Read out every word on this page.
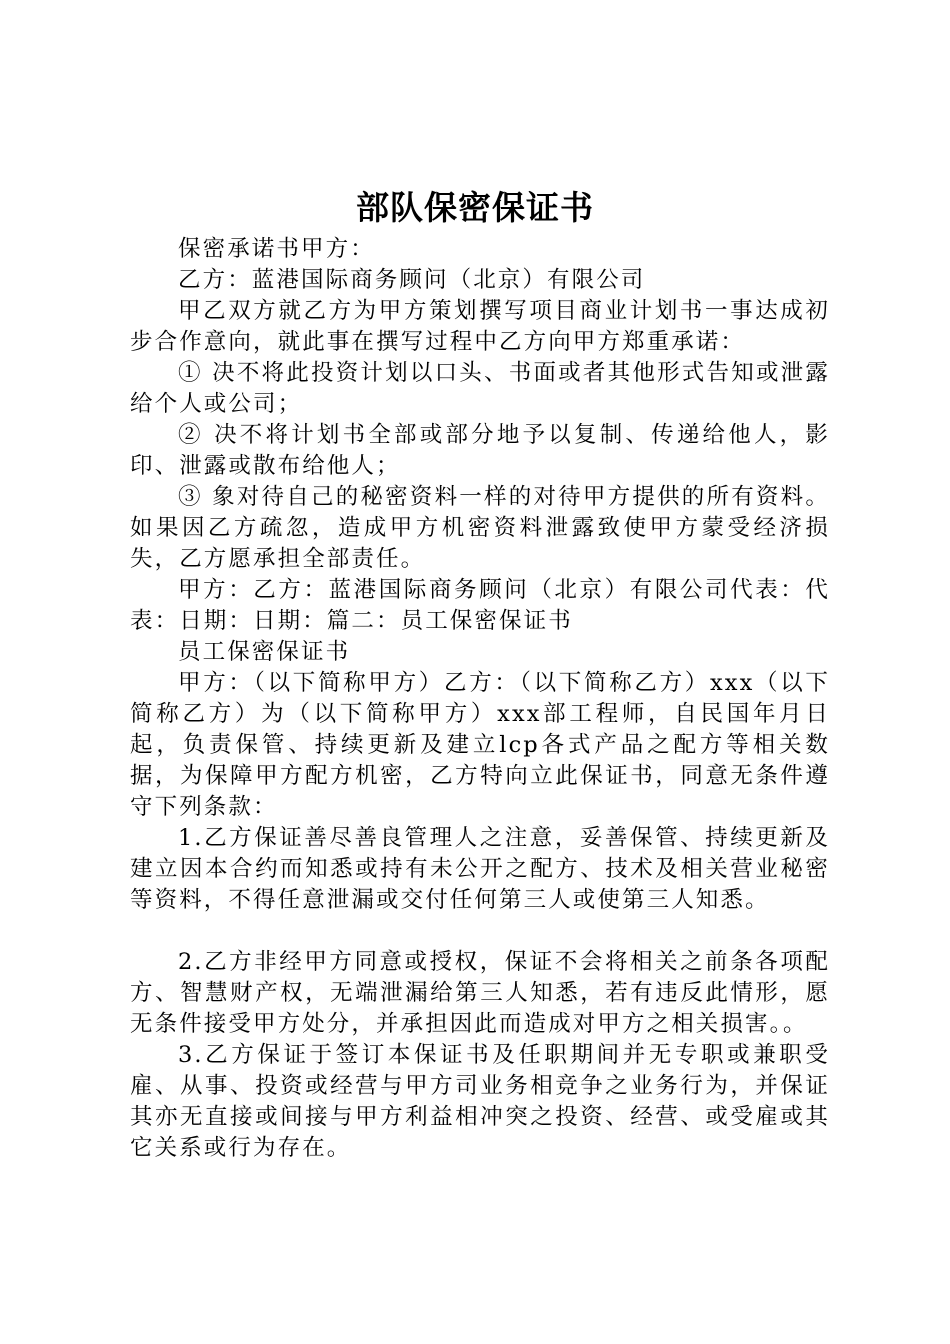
部队保密保证书

保密承诺书甲方：

乙方：蓝港国际商务顾问（北京）有限公司

甲乙双方就乙方为甲方策划撰写项目商业计划书一事达成初步合作意向，就此事在撰写过程中乙方向甲方郑重承诺：

① 决不将此投资计划以口头、书面或者其他形式告知或泄露给个人或公司；

② 决不将计划书全部或部分地予以复制、传递给他人，影印、泄露或散布给他人；

③ 象对待自己的秘密资料一样的对待甲方提供的所有资料。如果因乙方疏忽，造成甲方机密资料泄露致使甲方蒙受经济损失，乙方愿承担全部责任。

甲方：乙方：蓝港国际商务顾问（北京）有限公司代表：代表：日期：日期：篇二：员工保密保证书

员工保密保证书

甲方：（以下简称甲方）乙方：（以下简称乙方）xxx（以下简称乙方）为（以下简称甲方）xxx部工程师，自民国年月日起，负责保管、持续更新及建立lcp各式产品之配方等相关数据，为保障甲方配方机密，乙方特向立此保证书，同意无条件遵守下列条款：

1.乙方保证善尽善良管理人之注意，妥善保管、持续更新及建立因本合约而知悉或持有未公开之配方、技术及相关营业秘密等资料，不得任意泄漏或交付任何第三人或使第三人知悉。

2.乙方非经甲方同意或授权，保证不会将相关之前条各项配方、智慧财产权，无端泄漏给第三人知悉，若有违反此情形，愿无条件接受甲方处分，并承担因此而造成对甲方之相关损害。。

3.乙方保证于签订本保证书及任职期间并无专职或兼职受雇、从事、投资或经营与甲方司业务相竞争之业务行为，并保证其亦无直接或间接与甲方利益相冲突之投资、经营、或受雇或其它关系或行为存在。
